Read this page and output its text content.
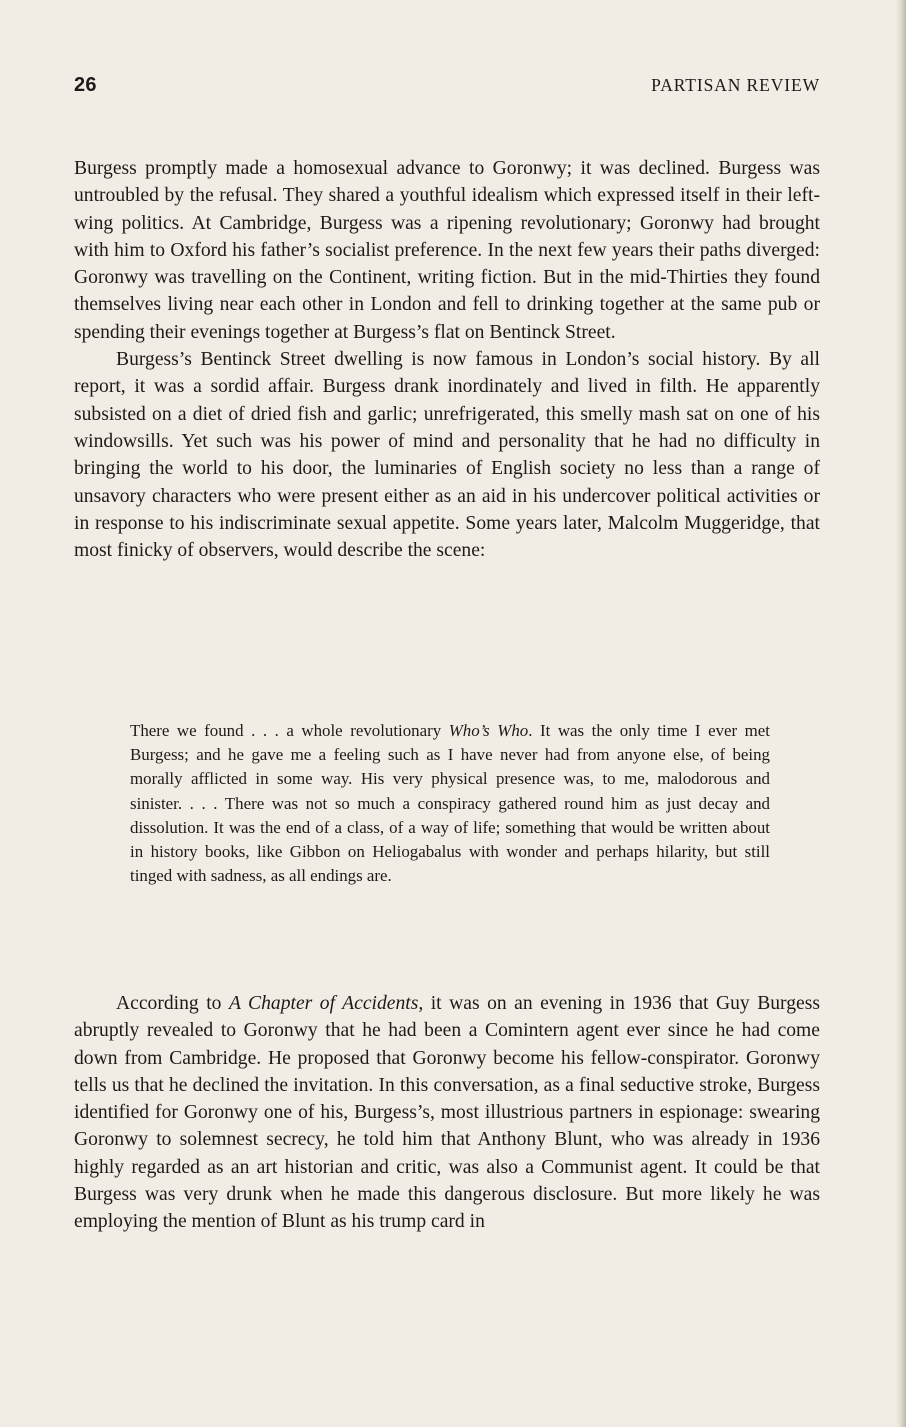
26	PARTISAN REVIEW

Burgess promptly made a homosexual advance to Goronwy; it was declined. Burgess was untroubled by the refusal. They shared a youthful idealism which expressed itself in their left-wing politics. At Cambridge, Burgess was a ripening revolutionary; Goronwy had brought with him to Oxford his father’s socialist preference. In the next few years their paths diverged: Goronwy was travelling on the Continent, writing fiction. But in the mid-Thirties they found themselves living near each other in London and fell to drinking together at the same pub or spending their evenings together at Burgess’s flat on Bentinck Street.

Burgess’s Bentinck Street dwelling is now famous in London’s social history. By all report, it was a sordid affair. Burgess drank inordinately and lived in filth. He apparently subsisted on a diet of dried fish and garlic; unrefrigerated, this smelly mash sat on one of his windowsills. Yet such was his power of mind and personality that he had no difficulty in bringing the world to his door, the luminaries of English society no less than a range of unsavory characters who were present either as an aid in his undercover political activities or in response to his indiscriminate sexual appetite. Some years later, Malcolm Muggeridge, that most finicky of observers, would describe the scene:

There we found . . . a whole revolutionary Who’s Who. It was the only time I ever met Burgess; and he gave me a feeling such as I have never had from anyone else, of being morally afflicted in some way. His very physical presence was, to me, malodorous and sinister. . . . There was not so much a conspiracy gathered round him as just decay and dissolution. It was the end of a class, of a way of life; something that would be written about in history books, like Gibbon on Heliogabalus with wonder and perhaps hilarity, but still tinged with sadness, as all endings are.

According to A Chapter of Accidents, it was on an evening in 1936 that Guy Burgess abruptly revealed to Goronwy that he had been a Comintern agent ever since he had come down from Cambridge. He proposed that Goronwy become his fellow-conspirator. Goronwy tells us that he declined the invitation. In this conversation, as a final seductive stroke, Burgess identified for Goronwy one of his, Burgess’s, most illustrious partners in espionage: swearing Goronwy to solemnest secrecy, he told him that Anthony Blunt, who was already in 1936 highly regarded as an art historian and critic, was also a Communist agent. It could be that Burgess was very drunk when he made this dangerous disclosure. But more likely he was employing the mention of Blunt as his trump card in
